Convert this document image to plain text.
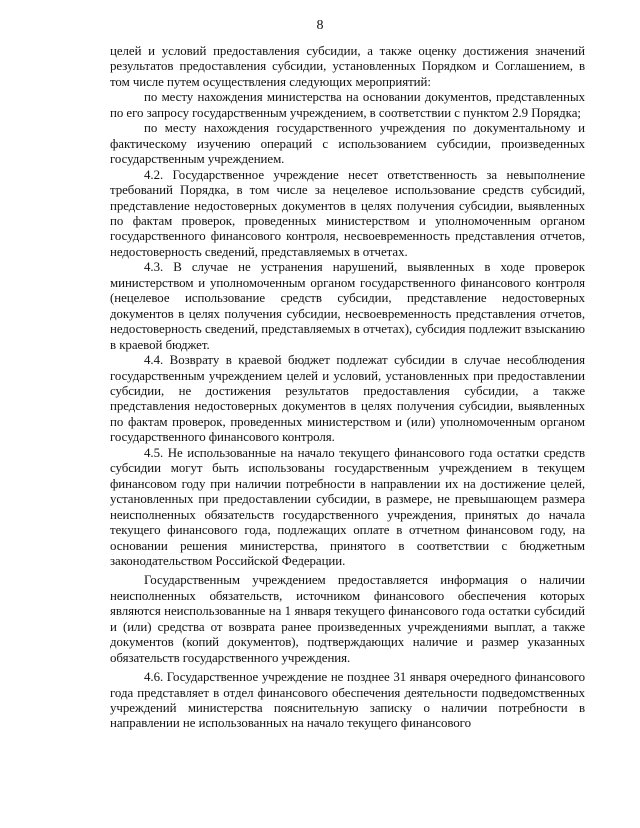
8

целей и условий предоставления субсидии, а также оценку достижения значений результатов предоставления субсидии, установленных Порядком и Соглашением, в том числе путем осуществления следующих мероприятий:

по месту нахождения министерства на основании документов, представленных по его запросу государственным учреждением, в соответствии с пунктом 2.9 Порядка;

по месту нахождения государственного учреждения по документальному и фактическому изучению операций с использованием субсидии, произведенных государственным учреждением.

4.2. Государственное учреждение несет ответственность за невыполнение требований Порядка, в том числе за нецелевое использование средств субсидий, представление недостоверных документов в целях получения субсидии, выявленных по фактам проверок, проведенных министерством и уполномоченным органом государственного финансового контроля, несвоевременность представления отчетов, недостоверность сведений, представляемых в отчетах.

4.3. В случае не устранения нарушений, выявленных в ходе проверок министерством и уполномоченным органом государственного финансового контроля (нецелевое использование средств субсидии, представление недостоверных документов в целях получения субсидии, несвоевременность представления отчетов, недостоверность сведений, представляемых в отчетах), субсидия подлежит взысканию в краевой бюджет.

4.4. Возврату в краевой бюджет подлежат субсидии в случае несоблюдения государственным учреждением целей и условий, установленных при предоставлении субсидии, не достижения результатов предоставления субсидии, а также представления недостоверных документов в целях получения субсидии, выявленных по фактам проверок, проведенных министерством и (или) уполномоченным органом государственного финансового контроля.

4.5. Не использованные на начало текущего финансового года остатки средств субсидии могут быть использованы государственным учреждением в текущем финансовом году при наличии потребности в направлении их на достижение целей, установленных при предоставлении субсидии, в размере, не превышающем размера неисполненных обязательств государственного учреждения, принятых до начала текущего финансового года, подлежащих оплате в отчетном финансовом году, на основании решения министерства, принятого в соответствии с бюджетным законодательством Российской Федерации.

Государственным учреждением предоставляется информация о наличии неисполненных обязательств, источником финансового обеспечения которых являются неиспользованные на 1 января текущего финансового года остатки субсидий и (или) средства от возврата ранее произведенных учреждениями выплат, а также документов (копий документов), подтверждающих наличие и размер указанных обязательств государственного учреждения.

4.6. Государственное учреждение не позднее 31 января очередного финансового года представляет в отдел финансового обеспечения деятельности подведомственных учреждений министерства пояснительную записку о наличии потребности в направлении не использованных на начало текущего финансового
